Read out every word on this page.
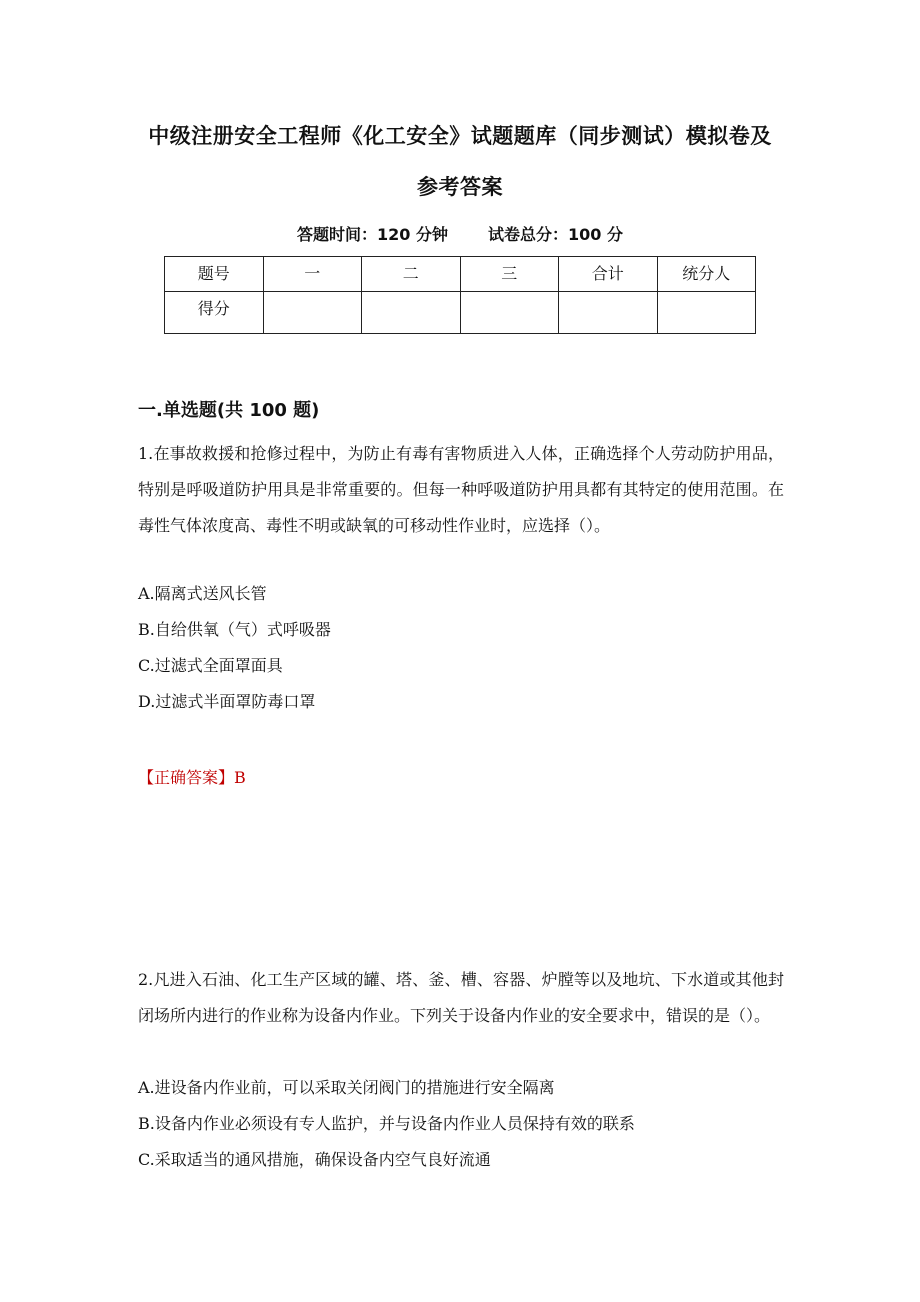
中级注册安全工程师《化工安全》试题题库（同步测试）模拟卷及
参考答案
答题时间：120 分钟	试卷总分：100 分
题号	一	二	三	合计	统分人
得分					
一.单选题(共 100 题)
1.在事故救援和抢修过程中，为防止有毒有害物质进入人体，正确选择个人劳动防护用品，特别是呼吸道防护用具是非常重要的。但每一种呼吸道防护用具都有其特定的使用范围。在毒性气体浓度高、毒性不明或缺氧的可移动性作业时，应选择（）。
A.隔离式送风长管
B.自给供氧（气）式呼吸器
C.过滤式全面罩面具
D.过滤式半面罩防毒口罩
【正确答案】B
2.凡进入石油、化工生产区域的罐、塔、釜、槽、容器、炉膛等以及地坑、下水道或其他封闭场所内进行的作业称为设备内作业。下列关于设备内作业的安全要求中，错误的是（）。
A.进设备内作业前，可以采取关闭阀门的措施进行安全隔离
B.设备内作业必须设有专人监护，并与设备内作业人员保持有效的联系
C.采取适当的通风措施，确保设备内空气良好流通
